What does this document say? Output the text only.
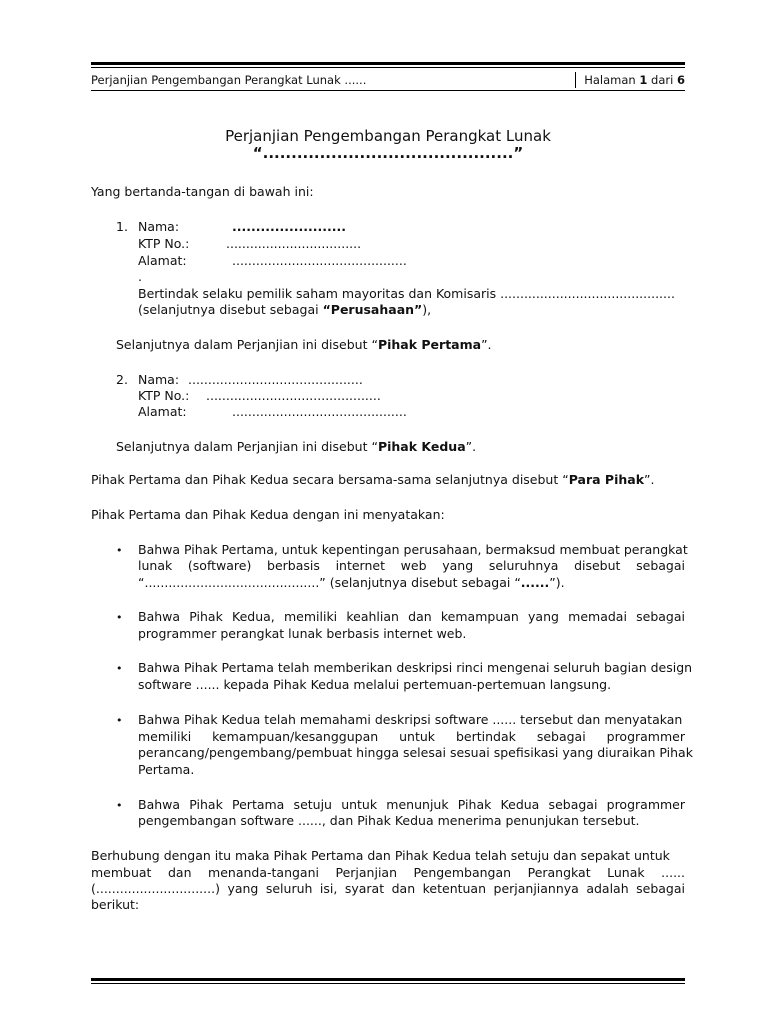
Perjanjian Pengembangan Perangkat Lunak ......	Halaman 1 dari 6
Perjanjian Pengembangan Perangkat Lunak
“............................................”
Yang bertanda-tangan di bawah ini:
1. Nama:	........................
KTP No.:	..................................
Alamat:	............................................
.
Bertindak selaku pemilik saham mayoritas dan Komisaris ............................................
(selanjutnya disebut sebagai “Perusahaan”),
Selanjutnya dalam Perjanjian ini disebut “Pihak Pertama”.
2. Nama: ............................................
KTP No.: ............................................
Alamat:	............................................
Selanjutnya dalam Perjanjian ini disebut “Pihak Kedua”.
Pihak Pertama dan Pihak Kedua secara bersama-sama selanjutnya disebut “Para Pihak”.
Pihak Pertama dan Pihak Kedua dengan ini menyatakan:
• Bahwa Pihak Pertama, untuk kepentingan perusahaan, bermaksud membuat perangkat
lunak (software) berbasis internet web yang seluruhnya disebut sebagai
“............................................” (selanjutnya disebut sebagai “......”).
• Bahwa Pihak Kedua, memiliki keahlian dan kemampuan yang memadai sebagai
programmer perangkat lunak berbasis internet web.
• Bahwa Pihak Pertama telah memberikan deskripsi rinci mengenai seluruh bagian design
software ...... kepada Pihak Kedua melalui pertemuan-pertemuan langsung.
• Bahwa Pihak Kedua telah memahami deskripsi software ...... tersebut dan menyatakan
memiliki kemampuan/kesanggupan untuk bertindak sebagai programmer
perancang/pengembang/pembuat hingga selesai sesuai spefisikasi yang diuraikan Pihak
Pertama.
• Bahwa Pihak Pertama setuju untuk menunjuk Pihak Kedua sebagai programmer
pengembangan software ......, dan Pihak Kedua menerima penunjukan tersebut.
Berhubung dengan itu maka Pihak Pertama dan Pihak Kedua telah setuju dan sepakat untuk
membuat dan menanda-tangani Perjanjian Pengembangan Perangkat Lunak ......
(..............................) yang seluruh isi, syarat dan ketentuan perjanjiannya adalah sebagai
berikut:
